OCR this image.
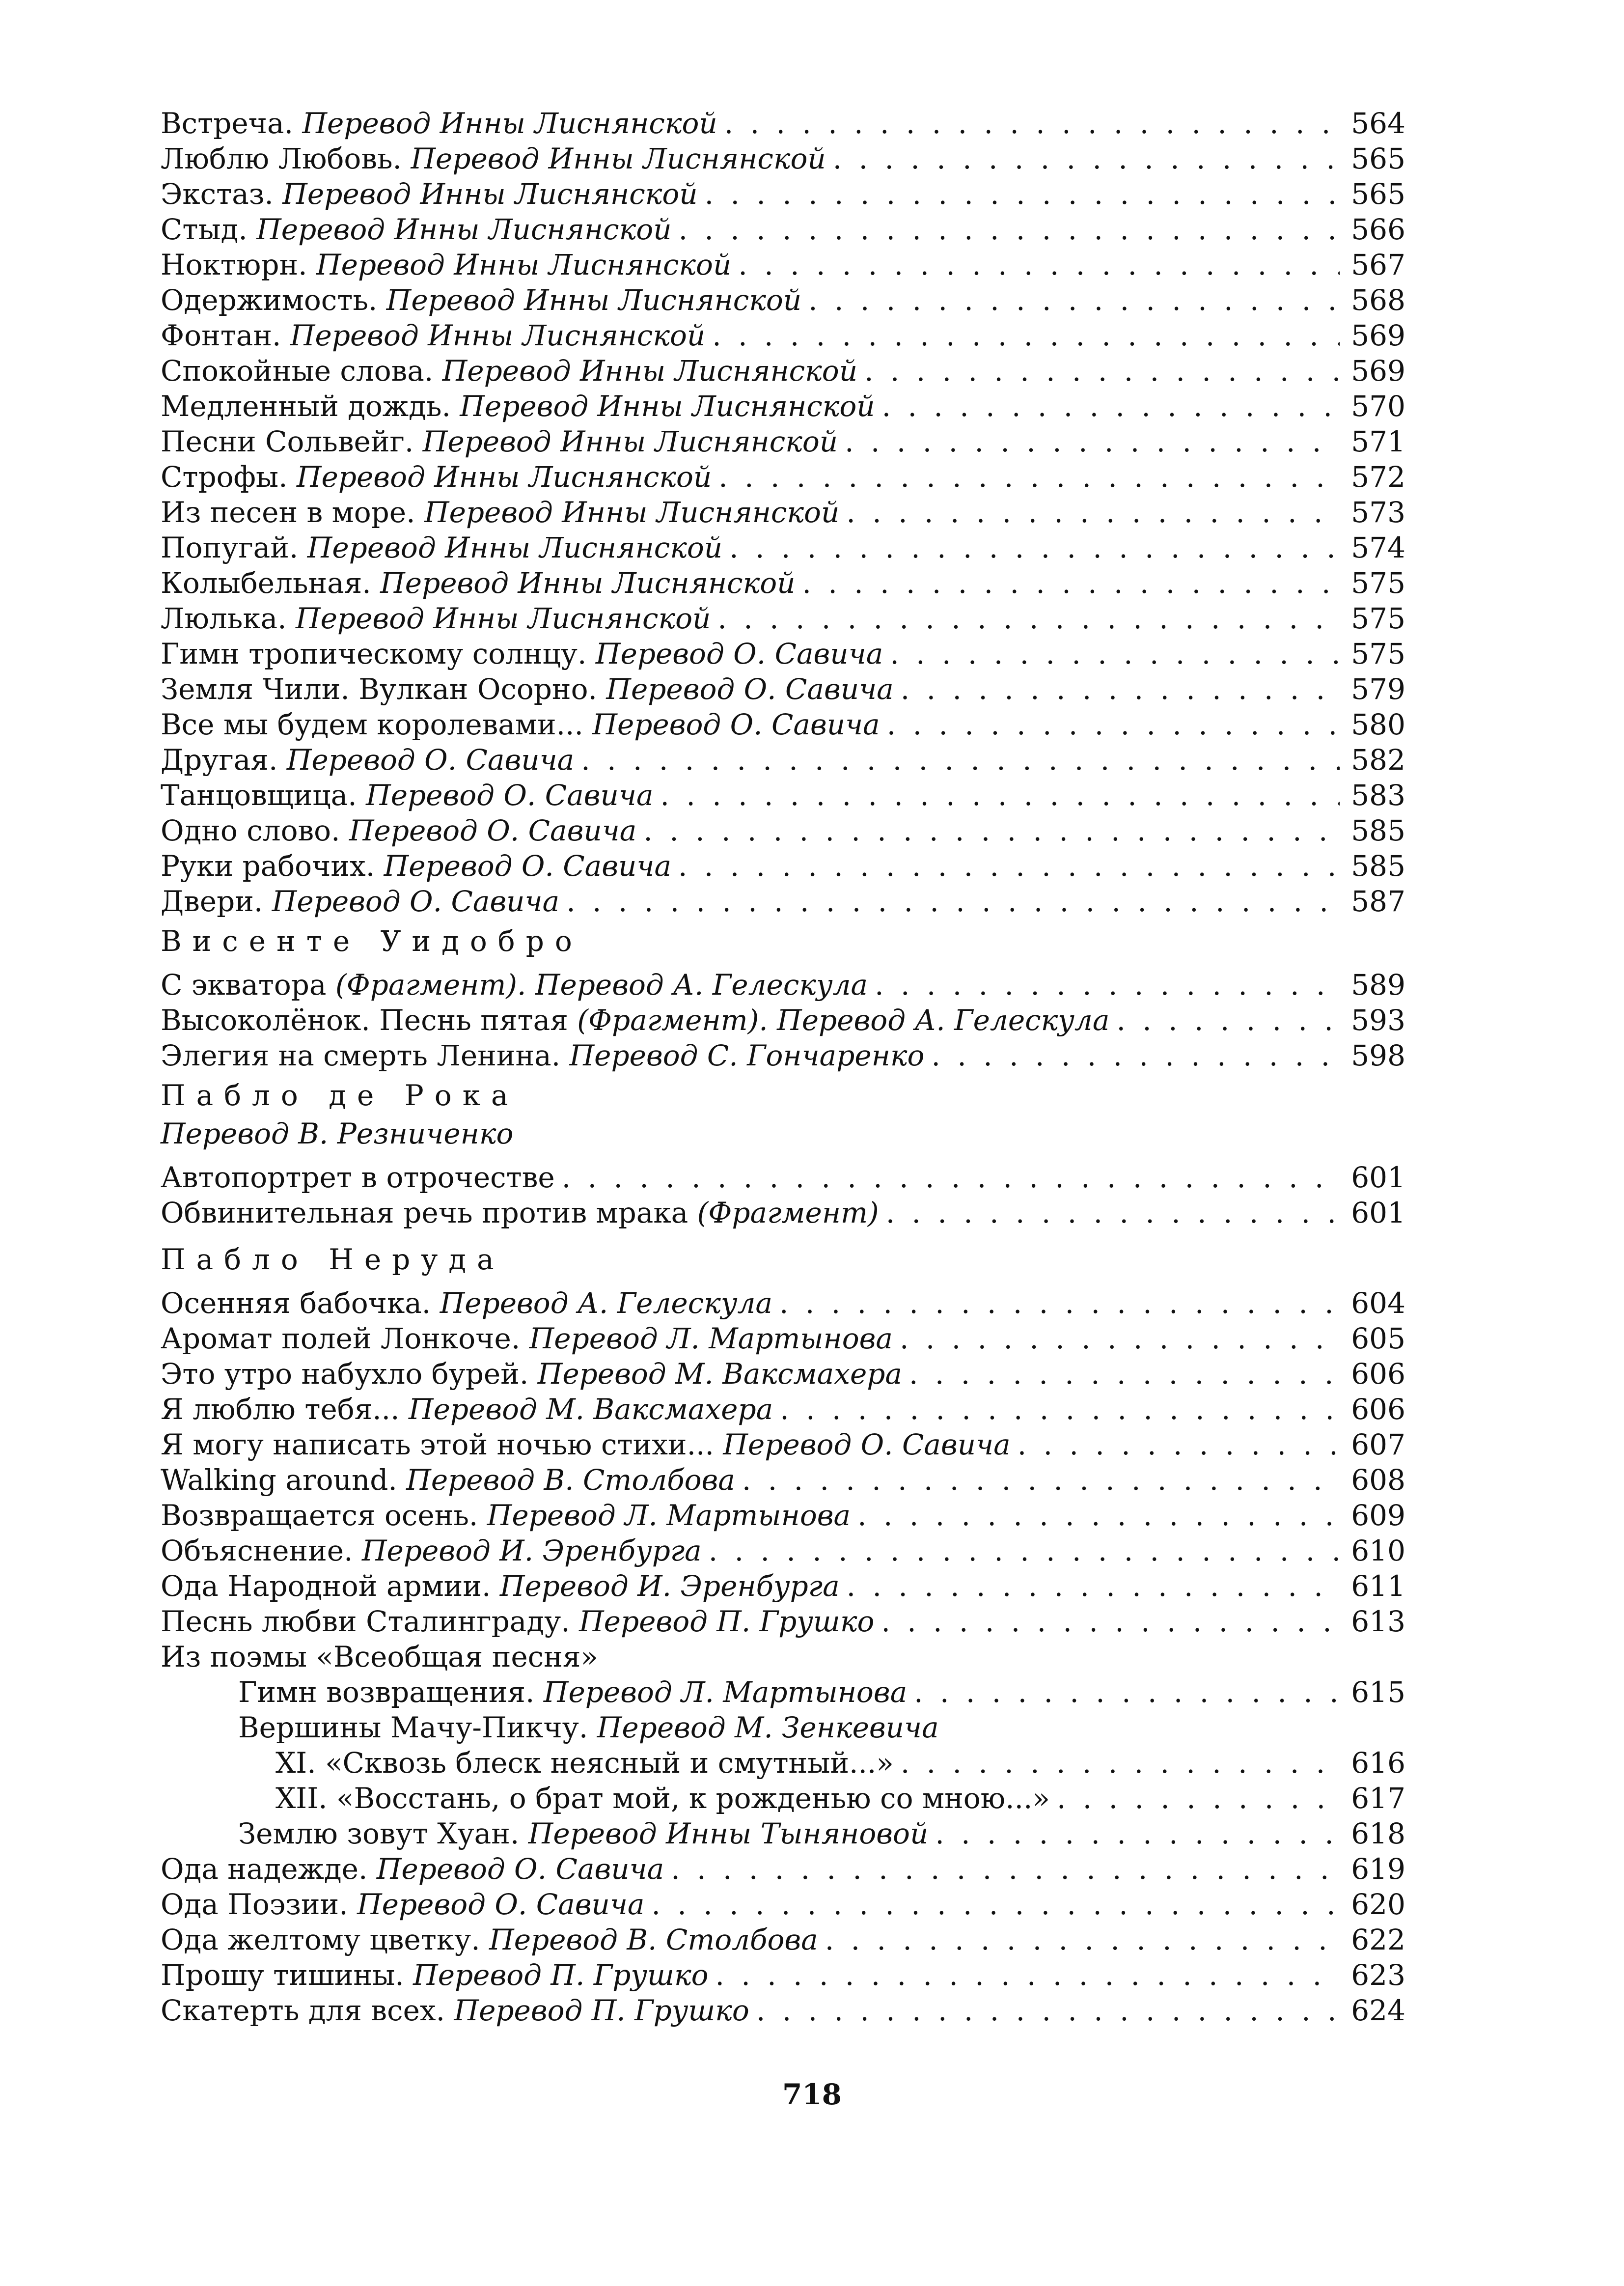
Встреча. Перевод Инны Лиснянской . . .	564
Люблю Любовь. Перевод Инны Лиснянской . . .	565
Экстаз. Перевод Инны Лиснянской . . .	565
Стыд. Перевод Инны Лиснянской . . .	566
Ноктюрн. Перевод Инны Лиснянской . . .	567
Одержимость. Перевод Инны Лиснянской . . .	568
Фонтан. Перевод Инны Лиснянской . . .	569
Спокойные слова. Перевод Инны Лиснянской . . .	569
Медленный дождь. Перевод Инны Лиснянской . . .	570
Песни Сольвейг. Перевод Инны Лиснянской . . .	571
Строфы. Перевод Инны Лиснянской . . .	572
Из песен в море. Перевод Инны Лиснянской . . .	573
Попугай. Перевод Инны Лиснянской . . .	574
Колыбельная. Перевод Инны Лиснянской . . .	575
Люлька. Перевод Инны Лиснянской . . .	575
Гимн тропическому солнцу. Перевод О. Савича . . .	575
Земля Чили. Вулкан Осорно. Перевод О. Савича . . .	579
Все мы будем королевами... Перевод О. Савича . . .	580
Другая. Перевод О. Савича . . .	582
Танцовщица. Перевод О. Савича . . .	583
Одно слово. Перевод О. Савича . . .	585
Руки рабочих. Перевод О. Савича . . .	585
Двери. Перевод О. Савича . . .	587
Висенте Уидобро
С экватора (Фрагмент). Перевод А. Гелескула . . .	589
Высоколёнок. Песнь пятая (Фрагмент). Перевод А. Гелескула . . .	593
Элегия на смерть Ленина. Перевод С. Гончаренко . . .	598
Пабло де Рока
Перевод В. Резниченко
Автопортрет в отрочестве . . .	601
Обвинительная речь против мрака (Фрагмент) . . .	601
Пабло Неруда
Осенняя бабочка. Перевод А. Гелескула . . .	604
Аромат полей Лонкоче. Перевод Л. Мартынова . . .	605
Это утро набухло бурей. Перевод М. Ваксмахера . . .	606
Я люблю тебя... Перевод М. Ваксмахера . . .	606
Я могу написать этой ночью стихи... Перевод О. Савича . . .	607
Walking around. Перевод В. Столбова . . .	608
Возвращается осень. Перевод Л. Мартынова . . .	609
Объяснение. Перевод И. Эренбурга . . .	610
Ода Народной армии. Перевод И. Эренбурга . . .	611
Песнь любви Сталинграду. Перевод П. Грушко . . .	613
Из поэмы «Всеобщая песня»
Гимн возвращения. Перевод Л. Мартынова . . .	615
Вершины Мачу-Пикчу. Перевод М. Зенкевича
XI. «Сквозь блеск неясный и смутный...» . . .	616
XII. «Восстань, о брат мой, к рожденью со мною...» . . .	617
Землю зовут Хуан. Перевод Инны Тыняновой . . .	618
Ода надежде. Перевод О. Савича . . .	619
Ода Поэзии. Перевод О. Савича . . .	620
Ода желтому цветку. Перевод В. Столбова . . .	622
Прошу тишины. Перевод П. Грушко . . .	623
Скатерть для всех. Перевод П. Грушко . . .	624
718
